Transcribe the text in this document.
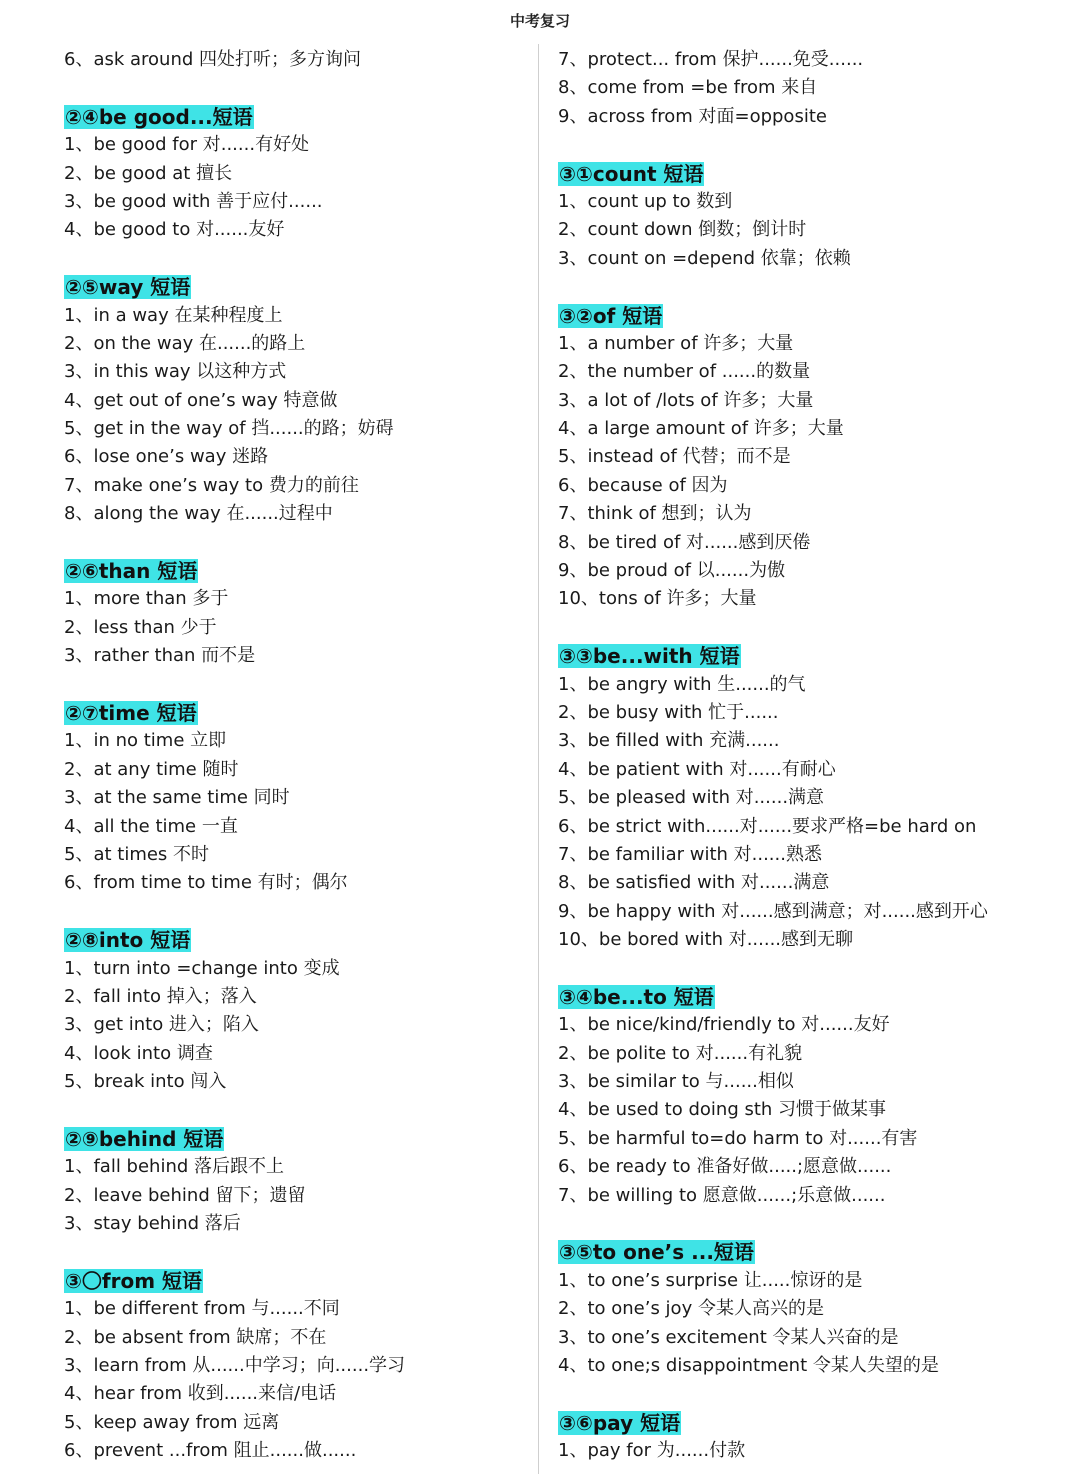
中考复习
6、ask around 四处打听；多方询问
②④be good...短语
1、be good for 对......有好处
2、be good at 擅长
3、be good with 善于应付......
4、be good to 对......友好
②⑤way 短语
1、in a way 在某种程度上
2、on the way 在......的路上
3、in this way 以这种方式
4、get out of one’s way 特意做
5、get in the way of 挡......的路；妨碍
6、lose one’s way 迷路
7、make one’s way to 费力的前往
8、along the way 在......过程中
②⑥than 短语
1、more than 多于
2、less than 少于
3、rather than 而不是
②⑦time 短语
1、in no time 立即
2、at any time 随时
3、at the same time 同时
4、all the time 一直
5、at times 不时
6、from time to time 有时；偶尔
②⑧into 短语
1、turn into =change into 变成
2、fall into 掉入；落入
3、get into 进入；陷入
4、look into 调查
5、break into 闯入
②⑨behind 短语
1、fall behind 落后跟不上
2、leave behind 留下；遗留
3、stay behind 落后
③〇from 短语
1、be different from 与......不同
2、be absent from 缺席；不在
3、learn from 从......中学习；向......学习
4、hear from 收到......来信/电话
5、keep away from 远离
6、prevent ...from 阻止......做......
7、protect... from 保护......免受......
8、come from =be from 来自
9、across from 对面=opposite
③①count 短语
1、count up to 数到
2、count down 倒数；倒计时
3、count on =depend 依靠；依赖
③②of 短语
1、a number of 许多；大量
2、the number of ......的数量
3、a lot of /lots of 许多；大量
4、a large amount of 许多；大量
5、instead of 代替；而不是
6、because of 因为
7、think of 想到；认为
8、be tired of 对......感到厌倦
9、be proud of 以......为傲
10、tons of 许多；大量
③③be...with 短语
1、be angry with 生......的气
2、be busy with 忙于......
3、be filled with 充满......
4、be patient with 对......有耐心
5、be pleased with 对......满意
6、be strict with......对......要求严格=be hard on
7、be familiar with 对......熟悉
8、be satisfied with 对......满意
9、be happy with 对......感到满意；对......感到开心
10、be bored with 对......感到无聊
③④be...to 短语
1、be nice/kind/friendly to 对......友好
2、be polite to 对......有礼貌
3、be similar to 与......相似
4、be used to doing sth 习惯于做某事
5、be harmful to=do harm to 对......有害
6、be ready to 准备好做.....;愿意做......
7、be willing to 愿意做......;乐意做......
③⑤to one’s ...短语
1、to one’s surprise 让.....惊讶的是
2、to one’s joy 令某人高兴的是
3、to one’s excitement 令某人兴奋的是
4、to one;s disappointment 令某人失望的是
③⑥pay 短语
1、pay for 为......付款
